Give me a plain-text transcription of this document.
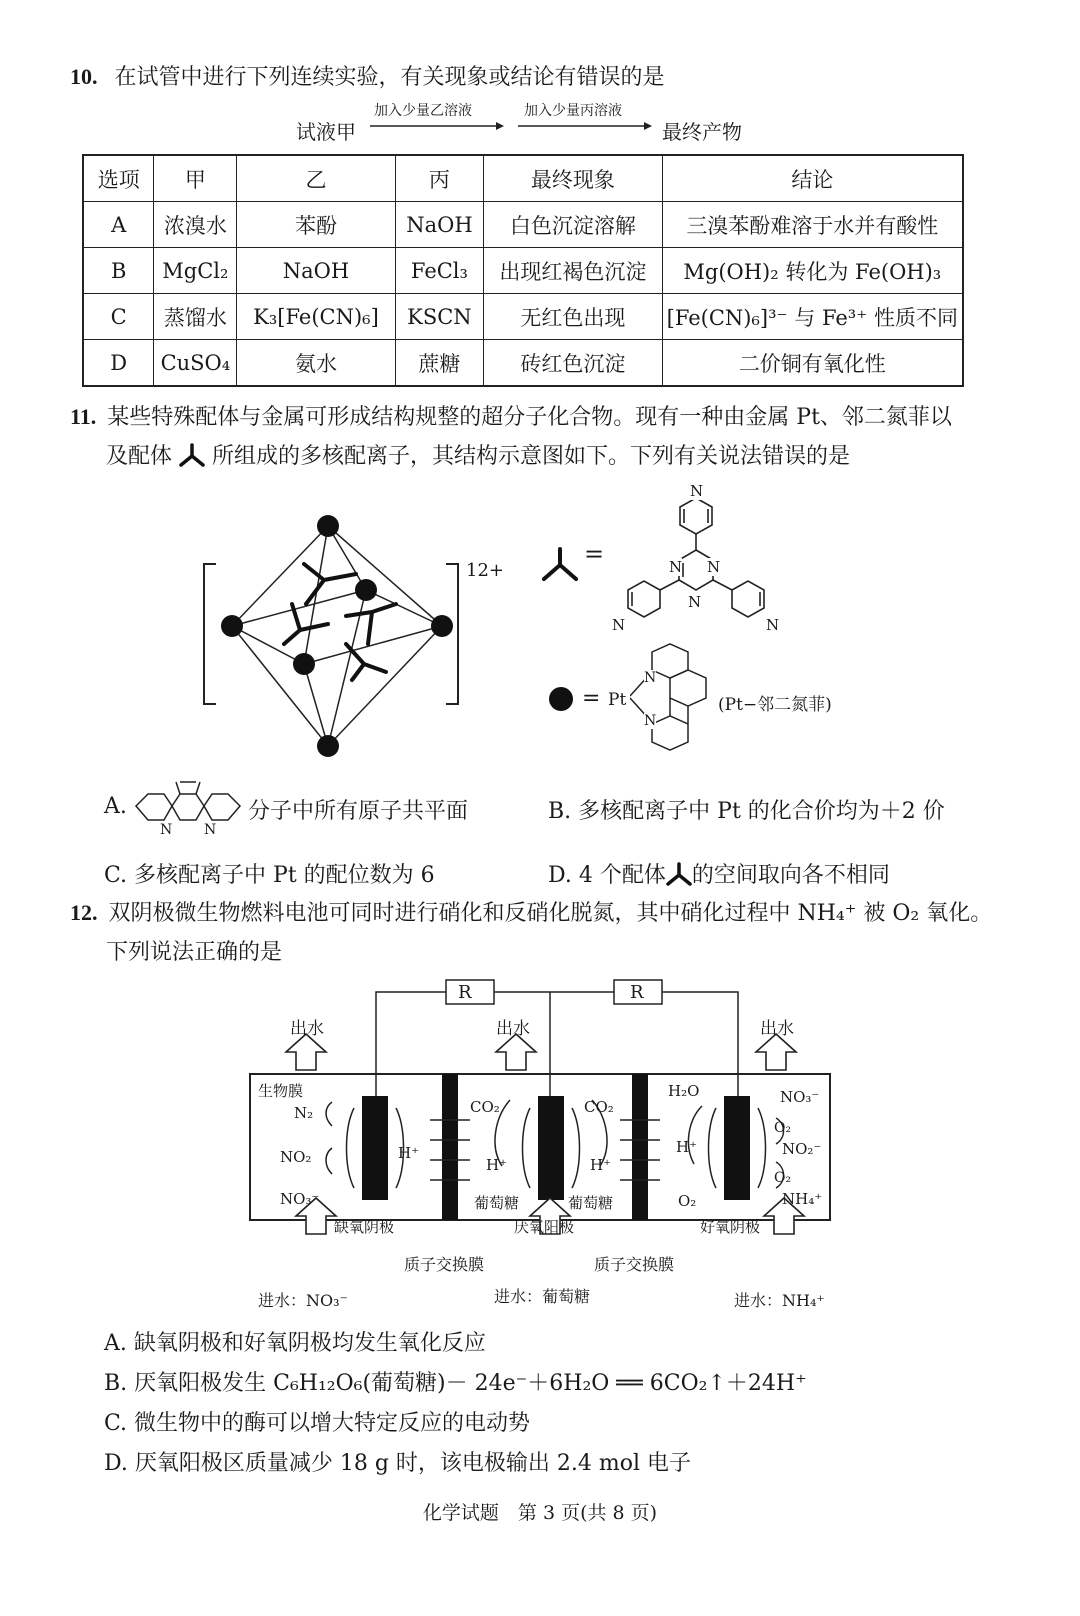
10. 在试管中进行下列连续实验，有关现象或结论有错误的是
试液甲
加入少量乙溶液	加入少量丙溶液
最终产物
选项	甲	乙	丙	最终现象	结论
A	浓溴水	苯酚	NaOH	白色沉淀溶解	三溴苯酚难溶于水并有酸性
B	MgCl₂	NaOH	FeCl₃	出现红褐色沉淀	Mg(OH)₂ 转化为 Fe(OH)₃
C	蒸馏水	K₃[Fe(CN)₆]	KSCN	无红色出现	[Fe(CN)₆]³⁻ 与 Fe³⁺ 性质不同
D	CuSO₄	氨水	蔗糖	砖红色沉淀	二价铜有氧化性
11. 某些特殊配体与金属可形成结构规整的超分子化合物。现有一种由金属 Pt、邻二氮菲以
及配体 所组成的多核配离子，其结构示意图如下。下列有关说法错误的是
12+
=
N
N N
N
N	N
= Pt
N
N
(Pt−邻二氮菲)
A.
N N
分子中所有原子共平面	B. 多核配离子中 Pt 的化合价均为＋2 价
C. 多核配离子中 Pt 的配位数为 6	D. 4 个配体 的空间取向各不相同
12. 双阴极微生物燃料电池可同时进行硝化和反硝化脱氮，其中硝化过程中 NH₄⁺ 被 O₂ 氧化。
下列说法正确的是
R	R
出水	出水	出水
生物膜
N₂
NO₂
NO₃⁻
H⁺
CO₂
H⁺
葡萄糖
CO₂
H⁺
葡萄糖
H₂O
H⁺
O₂
NO₃⁻
O₂
NO₂⁻
O₂
NH₄⁺
缺氧阴极	厌氧阳极	好氧阴极
质子交换膜	质子交换膜
进水：NO₃⁻	进水：葡萄糖	进水：NH₄⁺
A. 缺氧阴极和好氧阴极均发生氧化反应
B. 厌氧阳极发生 C₆H₁₂O₆(葡萄糖)－ 24e⁻＋6H₂O ══ 6CO₂↑＋24H⁺
C. 微生物中的酶可以增大特定反应的电动势
D. 厌氧阳极区质量减少 18 g 时，该电极输出 2.4 mol 电子
化学试题　第 3 页(共 8 页)
